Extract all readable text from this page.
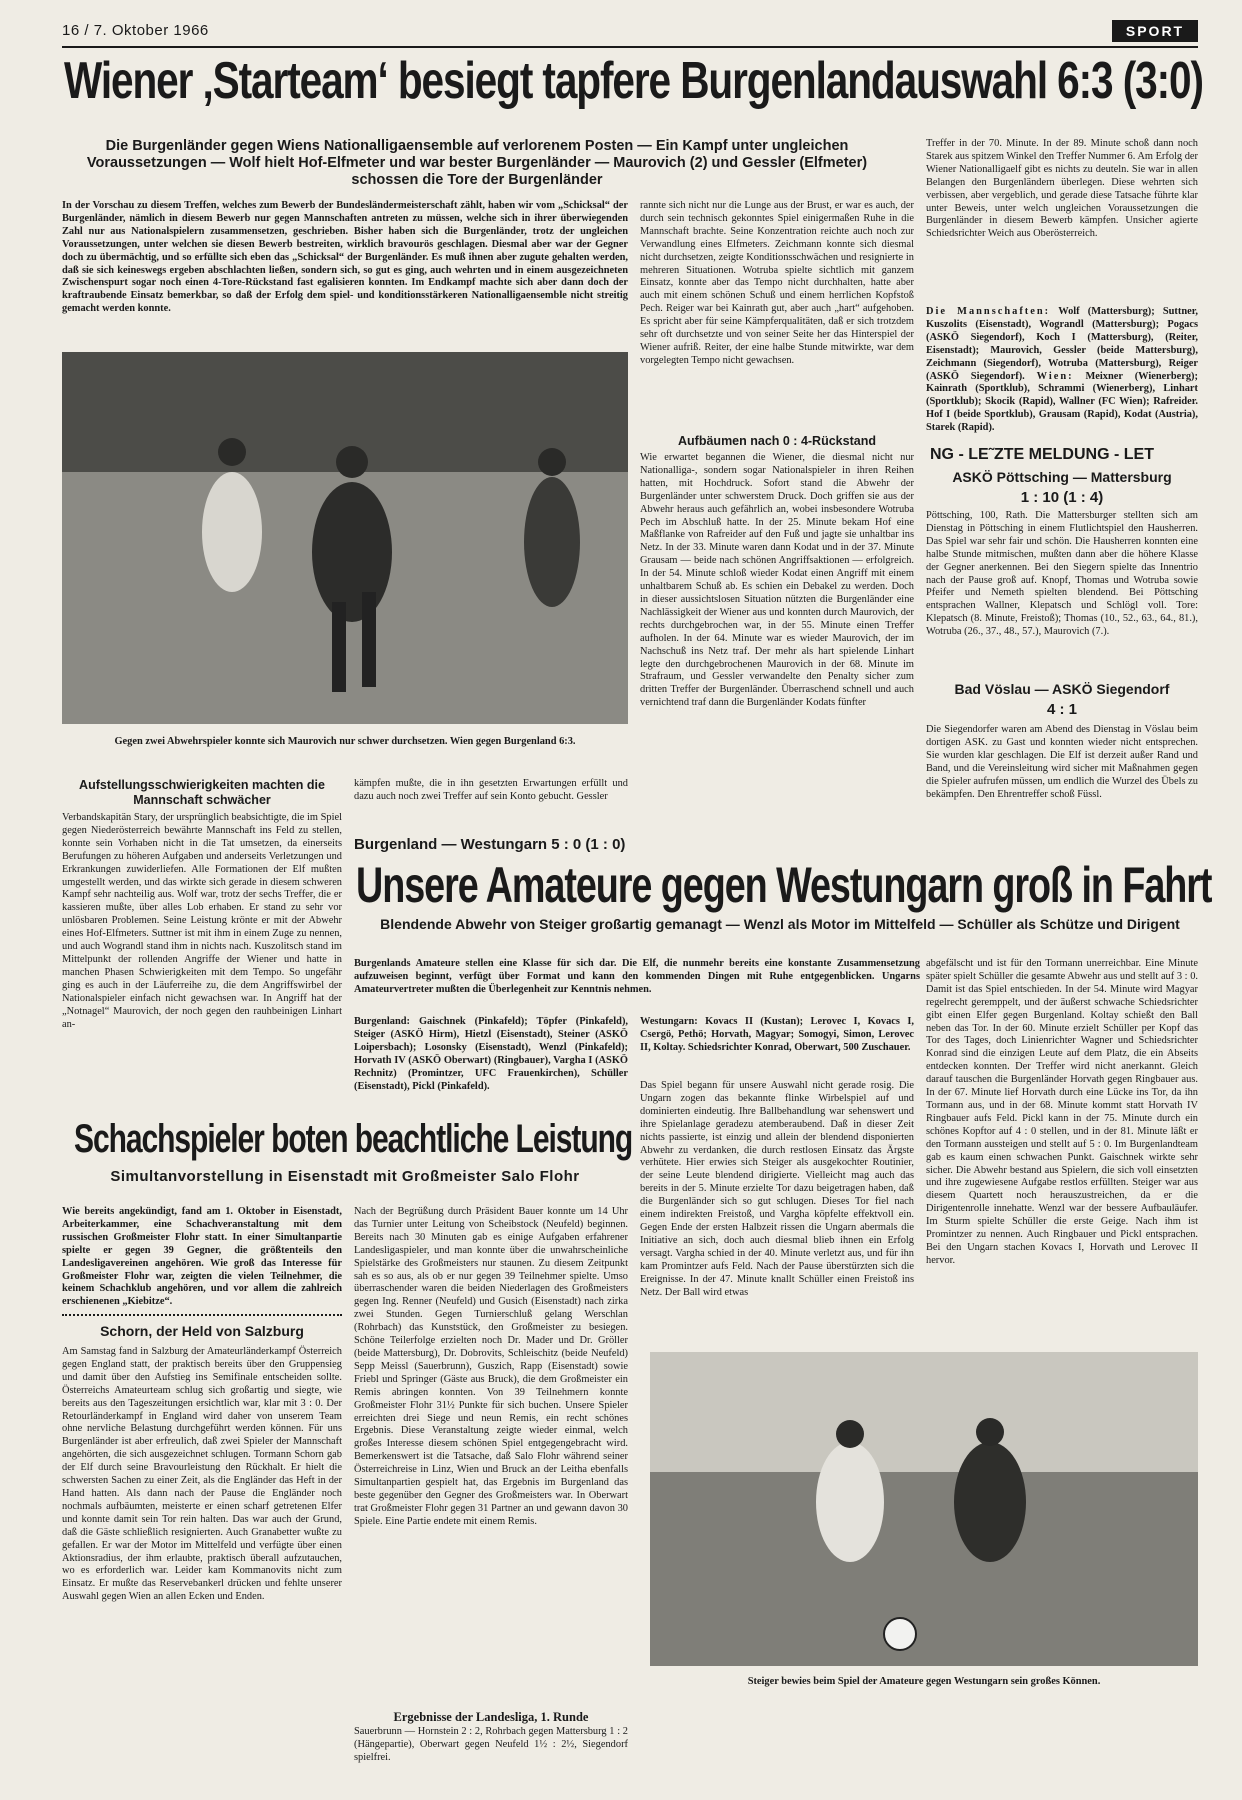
16 / 7. Oktober 1966	SPORT
Wiener ‚Starteam‘ besiegt tapfere Burgenlandauswahl 6:3 (3:0)
Die Burgenländer gegen Wiens Nationalligaensemble auf verlorenem Posten — Ein Kampf unter ungleichen Voraussetzungen — Wolf hielt Hof-Elfmeter und war bester Burgenländer — Maurovich (2) und Gessler (Elfmeter) schossen die Tore der Burgenländer
In der Vorschau zu diesem Treffen, welches zum Bewerb der Bundesländermeisterschaft zählt, haben wir vom „Schicksal“ der Burgenländer, nämlich in diesem Bewerb nur gegen Mannschaften antreten zu müssen, welche sich in ihrer überwiegenden Zahl nur aus Nationalspielern zusammensetzen, geschrieben. Bisher haben sich die Burgenländer, trotz der ungleichen Voraussetzungen, unter welchen sie diesen Bewerb bestreiten, wirklich bravourös geschlagen. Diesmal aber war der Gegner doch zu übermächtig, und so erfüllte sich eben das „Schicksal“ der Burgenländer. Es muß ihnen aber zugute gehalten werden, daß sie sich keineswegs ergeben abschlachten ließen, sondern sich, so gut es ging, auch wehrten und in einem ausgezeichneten Zwischenspurt sogar noch einen 4-Tore-Rückstand fast egalisieren konnten. Im Endkampf machte sich aber dann doch der kraftraubende Einsatz bemerkbar, so daß der Erfolg dem spiel- und konditionsstärkeren Nationalligaensemble nicht streitig gemacht werden konnte.
Gegen zwei Abwehrspieler konnte sich Maurovich nur schwer durchsetzen. Wien gegen Burgenland 6:3.
Aufstellungsschwierigkeiten machten die Mannschaft schwächer
Verbandskapitän Stary, der ursprünglich beabsichtigte, die im Spiel gegen Niederösterreich bewährte Mannschaft ins Feld zu stellen, konnte sein Vorhaben nicht in die Tat umsetzen, da einerseits Berufungen zu höheren Aufgaben und anderseits Verletzungen und Erkrankungen zuwiderliefen. Alle Formationen der Elf mußten umgestellt werden, und das wirkte sich gerade in diesem schweren Kampf sehr nachteilig aus. Wolf war, trotz der sechs Treffer, die er kassieren mußte, über alles Lob erhaben. Er stand zu sehr vor unlösbaren Problemen. Seine Leistung krönte er mit der Abwehr eines Hof-Elfmeters. Suttner ist mit ihm in einem Zuge zu nennen, und auch Wograndl stand ihm in nichts nach. Kuszolitsch stand im Mittelpunkt der rollenden Angriffe der Wiener und hatte in manchen Phasen Schwierigkeiten mit dem Tempo. So ungefähr ging es auch in der Läuferreihe zu, die dem Angriffswirbel der Nationalspieler einfach nicht gewachsen war. In Angriff hat der „Notnagel“ Maurovich, der noch gegen den rauhbeinigen Linhart an-
kämpfen mußte, die in ihn gesetzten Erwartungen erfüllt und dazu auch noch zwei Treffer auf sein Konto gebucht. Gessler
rannte sich nicht nur die Lunge aus der Brust, er war es auch, der durch sein technisch gekonntes Spiel einigermaßen Ruhe in die Mannschaft brachte. Seine Konzentration reichte auch noch zur Verwandlung eines Elfmeters. Zeichmann konnte sich diesmal nicht durchsetzen, zeigte Konditionsschwächen und resignierte in mehreren Situationen. Wotruba spielte sichtlich mit ganzem Einsatz, konnte aber das Tempo nicht durchhalten, hatte aber auch mit einem schönen Schuß und einem herrlichen Kopfstoß Pech. Reiger war bei Kainrath gut, aber auch „hart“ aufgehoben. Es spricht aber für seine Kämpferqualitäten, daß er sich trotzdem sehr oft durchsetzte und von seiner Seite her das Hinterspiel der Wiener aufriß. Reiter, der eine halbe Stunde mitwirkte, war dem vorgelegten Tempo nicht gewachsen.
Aufbäumen nach 0 : 4-Rückstand
Wie erwartet begannen die Wiener, die diesmal nicht nur Nationalliga-, sondern sogar Nationalspieler in ihren Reihen hatten, mit Hochdruck. Sofort stand die Abwehr der Burgenländer unter schwerstem Druck. Doch griffen sie aus der Abwehr heraus auch gefährlich an, wobei insbesondere Wotruba Pech im Abschluß hatte. In der 25. Minute bekam Hof eine Maßflanke von Rafreider auf den Fuß und jagte sie unhaltbar ins Netz. In der 33. Minute waren dann Kodat und in der 37. Minute Grausam — beide nach schönen Angriffsaktionen — erfolgreich. In der 54. Minute schloß wieder Kodat einen Angriff mit einem unhaltbarem Schuß ab. Es schien ein Debakel zu werden. Doch in dieser aussichtslosen Situation nützten die Burgenländer eine Nachlässigkeit der Wiener aus und konnten durch Maurovich, der rechts durchgebrochen war, in der 55. Minute einen Treffer aufholen. In der 64. Minute war es wieder Maurovich, der im Nachschuß ins Netz traf. Der mehr als hart spielende Linhart legte den durchgebrochenen Maurovich in der 68. Minute im Strafraum, und Gessler verwandelte den Penalty sicher zum dritten Treffer der Burgenländer. Überraschend schnell und auch vernichtend traf dann die Burgenländer Kodats fünfter
Treffer in der 70. Minute. In der 89. Minute schoß dann noch Starek aus spitzem Winkel den Treffer Nummer 6. Am Erfolg der Wiener Nationalligaelf gibt es nichts zu deuteln. Sie war in allen Belangen den Burgenländern überlegen. Diese wehrten sich verbissen, aber vergeblich, und gerade diese Tatsache führte klar unter Beweis, unter welch ungleichen Voraussetzungen die Burgenländer in diesem Bewerb kämpfen. Unsicher agierte Schiedsrichter Weich aus Oberösterreich.
Die Mannschaften: Wolf (Mattersburg); Suttner, Kuszolits (Eisenstadt), Wograndl (Mattersburg); Pogacs (ASKÖ Siegendorf), Koch I (Mattersburg), (Reiter, Eisenstadt); Maurovich, Gessler (beide Mattersburg), Zeichmann (Siegendorf), Wotruba (Mattersburg), Reiger (ASKÖ Siegendorf). Wien: Meixner (Wienerberg); Kainrath (Sportklub), Schrammi (Wienerberg), Linhart (Sportklub); Skocik (Rapid), Wallner (FC Wien); Rafreider. Hof I (beide Sportklub), Grausam (Rapid), Kodat (Austria), Starek (Rapid).
NG - LE˜ZTE MELDUNG - LET
ASKÖ Pöttsching — Mattersburg
1 : 10 (1 : 4)
Pöttsching, 100, Rath. Die Mattersburger stellten sich am Dienstag in Pöttsching in einem Flutlichtspiel den Hausherren. Das Spiel war sehr fair und schön. Die Hausherren konnten eine halbe Stunde mitmischen, mußten dann aber die höhere Klasse der Gegner anerkennen. Bei den Siegern spielte das Innentrio nach der Pause groß auf. Knopf, Thomas und Wotruba sowie Pfeifer und Nemeth spielten blendend. Bei Pöttsching entsprachen Wallner, Klepatsch und Schlögl voll. Tore: Klepatsch (8. Minute, Freistoß); Thomas (10., 52., 63., 64., 81.), Wotruba (26., 37., 48., 57.), Maurovich (7.).
Bad Vöslau — ASKÖ Siegendorf
4 : 1
Die Siegendorfer waren am Abend des Dienstag in Vöslau beim dortigen ASK. zu Gast und konnten wieder nicht entsprechen. Sie wurden klar geschlagen. Die Elf ist derzeit außer Rand und Band, und die Vereinsleitung wird sicher mit Maßnahmen gegen die Spieler aufrufen müssen, um endlich die Wurzel des Übels zu bekämpfen. Den Ehrentreffer schoß Füssl.
Burgenland — Westungarn 5 : 0 (1 : 0)
Unsere Amateure gegen Westungarn groß in Fahrt
Blendende Abwehr von Steiger großartig gemanagt — Wenzl als Motor im Mittelfeld — Schüller als Schütze und Dirigent
Burgenlands Amateure stellen eine Klasse für sich dar. Die Elf, die nunmehr bereits eine konstante Zusammensetzung aufzuweisen beginnt, verfügt über Format und kann den kommenden Dingen mit Ruhe entgegenblicken. Ungarns Amateurvertreter mußten die Überlegenheit zur Kenntnis nehmen.
Burgenland: Gaischnek (Pinkafeld); Töpfer (Pinkafeld), Steiger (ASKÖ Hirm), Hietzl (Eisenstadt), Steiner (ASKÖ Loipersbach); Losonsky (Eisenstadt), Wenzl (Pinkafeld); Horvath IV (ASKÖ Oberwart) (Ringbauer), Vargha I (ASKÖ Rechnitz) (Promintzer, UFC Frauenkirchen), Schüller (Eisenstadt), Pickl (Pinkafeld).
Westungarn: Kovacs II (Kustan); Lerovec I, Kovacs I, Csergö, Pethö; Horvath, Magyar; Somogyi, Simon, Lerovec II, Koltay. Schiedsrichter Konrad, Oberwart, 500 Zuschauer.
Das Spiel begann für unsere Auswahl nicht gerade rosig. Die Ungarn zogen das bekannte flinke Wirbelspiel auf und dominierten eindeutig. Ihre Ballbehandlung war sehenswert und ihre Spielanlage geradezu atemberaubend. Daß in dieser Zeit nichts passierte, ist einzig und allein der blendend disponierten Abwehr zu verdanken, die durch restlosen Einsatz das Ärgste verhütete. Hier erwies sich Steiger als ausgekochter Routinier, der seine Leute blendend dirigierte. Vielleicht mag auch das bereits in der 5. Minute erzielte Tor dazu beigetragen haben, daß die Burgenländer sich so gut schlugen. Dieses Tor fiel nach einem indirekten Freistoß, und Vargha köpfelte effektvoll ein. Gegen Ende der ersten Halbzeit rissen die Ungarn abermals die Initiative an sich, doch auch diesmal blieb ihnen ein Erfolg versagt. Vargha schied in der 40. Minute verletzt aus, und für ihn kam Promintzer aufs Feld. Nach der Pause überstürzten sich die Ereignisse. In der 47. Minute knallt Schüller einen Freistoß ins Netz. Der Ball wird etwas
abgefälscht und ist für den Tormann unerreichbar. Eine Minute später spielt Schüller die gesamte Abwehr aus und stellt auf 3 : 0. Damit ist das Spiel entschieden. In der 54. Minute wird Magyar regelrecht geremppelt, und der äußerst schwache Schiedsrichter gibt einen Elfer gegen Burgenland. Koltay schießt den Ball neben das Tor. In der 60. Minute erzielt Schüller per Kopf das Tor des Tages, doch Linienrichter Wagner und Schiedsrichter Konrad sind die einzigen Leute auf dem Platz, die ein Abseits entdecken konnten. Der Treffer wird nicht anerkannt. Gleich darauf tauschen die Burgenländer Horvath gegen Ringbauer aus. In der 67. Minute lief Horvath durch eine Lücke ins Tor, da ihn Tormann aus, und in der 68. Minute kommt statt Horvath IV Ringbauer aufs Feld. Pickl kann in der 75. Minute durch ein schönes Kopftor auf 4 : 0 stellen, und in der 81. Minute läßt er den Tormann aussteigen und stellt auf 5 : 0. Im Burgenlandteam gab es kaum einen schwachen Punkt. Gaischnek wirkte sehr sicher. Die Abwehr bestand aus Spielern, die sich voll einsetzten und ihre zugewiesene Aufgabe restlos erfüllten. Steiger war aus diesem Quartett noch herauszustreichen, da er die Dirigentenrolle innehatte. Wenzl war der bessere Aufbauläufer. Im Sturm spielte Schüller die erste Geige. Nach ihm ist Promintzer zu nennen. Auch Ringbauer und Pickl entsprachen. Bei den Ungarn stachen Kovacs I, Horvath und Lerovec II hervor.
Steiger bewies beim Spiel der Amateure gegen Westungarn sein großes Können.
Schachspieler boten beachtliche Leistung
Simultanvorstellung in Eisenstadt mit Großmeister Salo Flohr
Wie bereits angekündigt, fand am 1. Oktober in Eisenstadt, Arbeiterkammer, eine Schachveranstaltung mit dem russischen Großmeister Flohr statt. In einer Simultanpartie spielte er gegen 39 Gegner, die größtenteils den Landesligavereinen angehören. Wie groß das Interesse für Großmeister Flohr war, zeigten die vielen Teilnehmer, die keinem Schachklub angehören, und vor allem die zahlreich erschienenen „Kiebitze“.
Nach der Begrüßung durch Präsident Bauer konnte um 14 Uhr das Turnier unter Leitung von Scheibstock (Neufeld) beginnen. Bereits nach 30 Minuten gab es einige Aufgaben erfahrener Landesligaspieler, und man konnte über die unwahrscheinliche Spielstärke des Großmeisters nur staunen. Zu diesem Zeitpunkt sah es so aus, als ob er nur gegen 39 Teilnehmer spielte. Umso überraschender waren die beiden Niederlagen des Großmeisters gegen Ing. Renner (Neufeld) und Gusich (Eisenstadt) nach zirka zwei Stunden. Gegen Turnierschluß gelang Werschlan (Rohrbach) das Kunststück, den Großmeister zu besiegen. Schöne Teilerfolge erzielten noch Dr. Mader und Dr. Gröller (beide Mattersburg), Dr. Dobrovits, Schleischitz (beide Neufeld) Sepp Meissl (Sauerbrunn), Guszich, Rapp (Eisenstadt) sowie Friebl und Springer (Gäste aus Bruck), die dem Großmeister ein Remis abringen konnten. Von 39 Teilnehmern konnte Großmeister Flohr 31½ Punkte für sich buchen. Unsere Spieler erreichten drei Siege und neun Remis, ein recht schönes Ergebnis. Diese Veranstaltung zeigte wieder einmal, welch großes Interesse diesem schönen Spiel entgegengebracht wird. Bemerkenswert ist die Tatsache, daß Salo Flohr während seiner Österreichreise in Linz, Wien und Bruck an der Leitha ebenfalls Simultanpartien gespielt hat, das Ergebnis im Burgenland das beste gegenüber den Gegner des Großmeisters war. In Oberwart trat Großmeister Flohr gegen 31 Partner an und gewann davon 30 Spiele. Eine Partie endete mit einem Remis.
Ergebnisse der Landesliga, 1. Runde
Sauerbrunn — Hornstein 2 : 2, Rohrbach gegen Mattersburg 1 : 2 (Hängepartie), Oberwart gegen Neufeld 1½ : 2½, Siegendorf spielfrei.
Schorn, der Held von Salzburg
Am Samstag fand in Salzburg der Amateurländerkampf Österreich gegen England statt, der praktisch bereits über den Gruppensieg und damit über den Aufstieg ins Semifinale entscheiden sollte. Österreichs Amateurteam schlug sich großartig und siegte, wie bereits aus den Tageszeitungen ersichtlich war, klar mit 3 : 0. Der Retourländerkampf in England wird daher von unserem Team ohne nervliche Belastung durchgeführt werden können. Für uns Burgenländer ist aber erfreulich, daß zwei Spieler der Mannschaft angehörten, die sich ausgezeichnet schlugen. Tormann Schorn gab der Elf durch seine Bravourleistung den Rückhalt. Er hielt die schwersten Sachen zu einer Zeit, als die Engländer das Heft in der Hand hatten. Als dann nach der Pause die Engländer noch nochmals aufbäumten, meisterte er einen scharf getretenen Elfer und konnte damit sein Tor rein halten. Das war auch der Grund, daß die Gäste schließlich resignierten. Auch Granabetter wußte zu gefallen. Er war der Motor im Mittelfeld und verfügte über einen Aktionsradius, der ihm erlaubte, praktisch überall aufzutauchen, wo es erforderlich war. Leider kam Kommanovits nicht zum Einsatz. Er mußte das Reservebankerl drücken und fehlte unserer Auswahl gegen Wien an allen Ecken und Enden.
